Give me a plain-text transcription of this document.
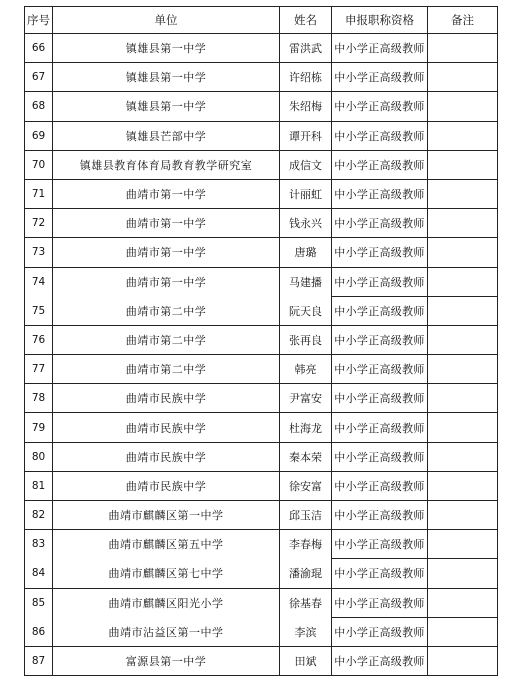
序号	单位	姓名	申报职称资格	备注
66	镇雄县第一中学	雷洪武	中小学正高级教师	
67	镇雄县第一中学	许绍栋	中小学正高级教师	
68	镇雄县第一中学	朱绍梅	中小学正高级教师	
69	镇雄县芒部中学	谭开科	中小学正高级教师	
70	镇雄县教育体育局教育教学研究室	成信文	中小学正高级教师	
71	曲靖市第一中学	计丽虹	中小学正高级教师	
72	曲靖市第一中学	钱永兴	中小学正高级教师	
73	曲靖市第一中学	唐璐	中小学正高级教师	
74	曲靖市第一中学	马建播	中小学正高级教师	
75	曲靖市第二中学	阮天良	中小学正高级教师	
76	曲靖市第二中学	张再良	中小学正高级教师	
77	曲靖市第二中学	韩亮	中小学正高级教师	
78	曲靖市民族中学	尹富安	中小学正高级教师	
79	曲靖市民族中学	杜海龙	中小学正高级教师	
80	曲靖市民族中学	秦本荣	中小学正高级教师	
81	曲靖市民族中学	徐安富	中小学正高级教师	
82	曲靖市麒麟区第一中学	邱玉洁	中小学正高级教师	
83	曲靖市麒麟区第五中学	李春梅	中小学正高级教师	
84	曲靖市麒麟区第七中学	潘渝琨	中小学正高级教师	
85	曲靖市麒麟区阳光小学	徐基春	中小学正高级教师	
86	曲靖市沾益区第一中学	李滨	中小学正高级教师	
87	富源县第一中学	田斌	中小学正高级教师	
